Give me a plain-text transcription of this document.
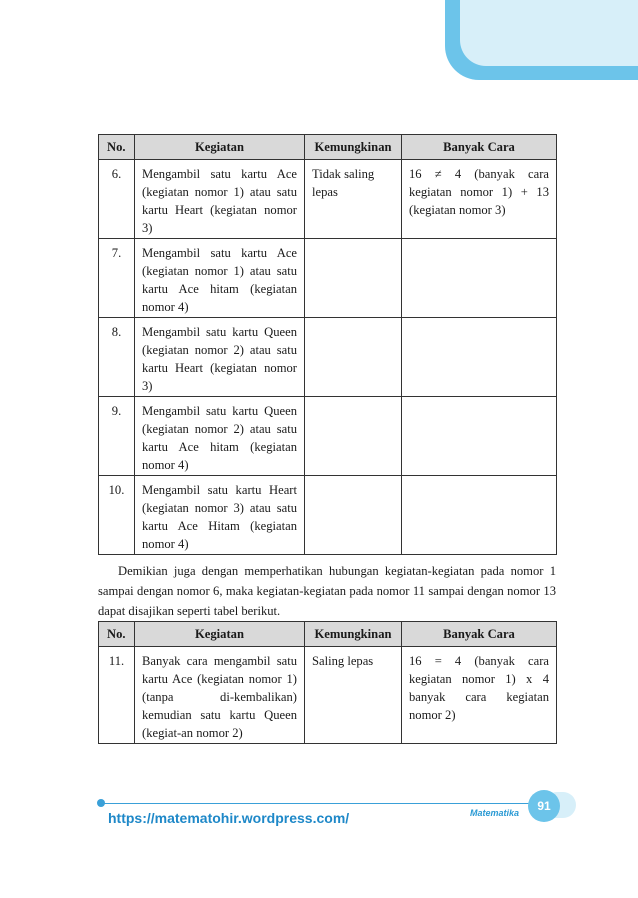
No.	Kegiatan	Kemungkinan	Banyak Cara
6.	Mengambil satu kartu Ace (kegiatan nomor 1) atau satu kartu Heart (kegiatan nomor 3)	Tidak saling lepas	16 ≠ 4 (banyak cara kegiatan nomor 1) + 13 (kegiatan nomor 3)
7.	Mengambil satu kartu Ace (kegiatan nomor 1) atau satu kartu Ace hitam (kegiatan nomor 4)		
8.	Mengambil satu kartu Queen (kegiatan nomor 2) atau satu kartu Heart (kegiatan nomor 3)		
9.	Mengambil satu kartu Queen (kegiatan nomor 2) atau satu kartu Ace hitam (kegiatan nomor 4)		
10.	Mengambil satu kartu Heart (kegiatan nomor 3) atau satu kartu Ace Hitam (kegiatan nomor 4)		

Demikian juga dengan memperhatikan hubungan kegiatan-kegiatan pada nomor 1 sampai dengan nomor 6, maka kegiatan-kegiatan pada nomor 11 sampai dengan nomor 13 dapat disajikan seperti tabel berikut.

No.	Kegiatan	Kemungkinan	Banyak Cara
11.	Banyak cara mengambil satu kartu Ace (kegiatan nomor 1) (tanpa di-kembalikan) kemudian satu kartu Queen (kegiat-an nomor 2)	Saling lepas	16 = 4 (banyak cara kegiatan nomor 1) x 4 banyak cara kegiatan nomor 2)
https://matematohir.wordpress.com/	Matematika	91
